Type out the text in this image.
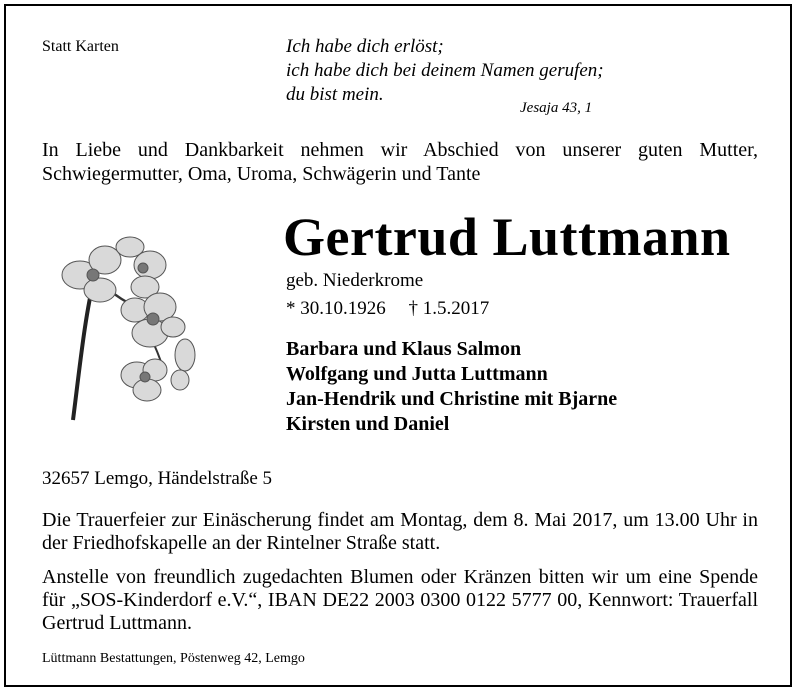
Statt Karten	Ich habe dich erlöst;
ich habe dich bei deinem Namen gerufen;
du bist mein.
Jesaja 43, 1
In Liebe und Dankbarkeit nehmen wir Abschied von unserer guten Mutter, Schwiegermutter, Oma, Uroma, Schwägerin und Tante
Gertrud Luttmann
geb. Niederkrome
* 30.10.1926 † 1.5.2017
Barbara und Klaus Salmon
Wolfgang und Jutta Luttmann
Jan-Hendrik und Christine mit Bjarne
Kirsten und Daniel
32657 Lemgo, Händelstraße 5
Die Trauerfeier zur Einäscherung findet am Montag, dem 8. Mai 2017, um 13.00 Uhr in der Friedhofskapelle an der Rintelner Straße statt.
Anstelle von freundlich zugedachten Blumen oder Kränzen bitten wir um eine Spende für „SOS-Kinderdorf e.V.“, IBAN DE22 2003 0300 0122 5777 00, Kennwort: Trauerfall Gertrud Luttmann.
Lüttmann Bestattungen, Pöstenweg 42, Lemgo
